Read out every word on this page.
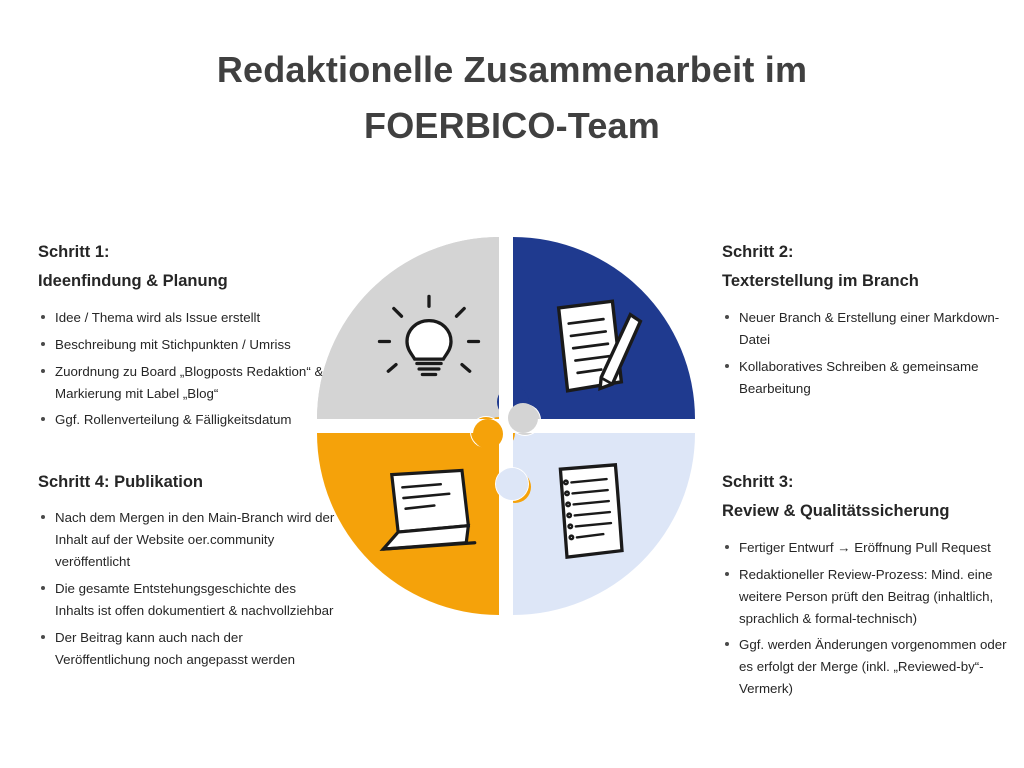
Redaktionelle Zusammenarbeit im
FOERBICO-Team
Schritt 1:
Ideenfindung & Planung
Idee / Thema wird als Issue erstellt
Beschreibung mit Stichpunkten / Umriss
Zuordnung zu Board „Blogposts Redaktion“ & Markierung mit Label „Blog“
Ggf. Rollenverteilung & Fälligkeitsdatum
Schritt 2:
Texterstellung im Branch
Neuer Branch & Erstellung einer Markdown-Datei
Kollaboratives Schreiben & gemeinsame Bearbeitung
Schritt 4: Publikation
Nach dem Mergen in den Main-Branch wird der Inhalt auf der Website oer.community veröffentlicht
Die gesamte Entstehungsgeschichte des Inhalts ist offen dokumentiert & nachvollziehbar
Der Beitrag kann auch nach der Veröffentlichung noch angepasst werden
Schritt 3:
Review & Qualitätssicherung
Fertiger Entwurf → Eröffnung Pull Request
Redaktioneller Review-Prozess: Mind. eine weitere Person prüft den Beitrag (inhaltlich, sprachlich & formal-technisch)
Ggf. werden Änderungen vorgenommen oder es erfolgt der Merge (inkl. „Reviewed-by“-Vermerk)
